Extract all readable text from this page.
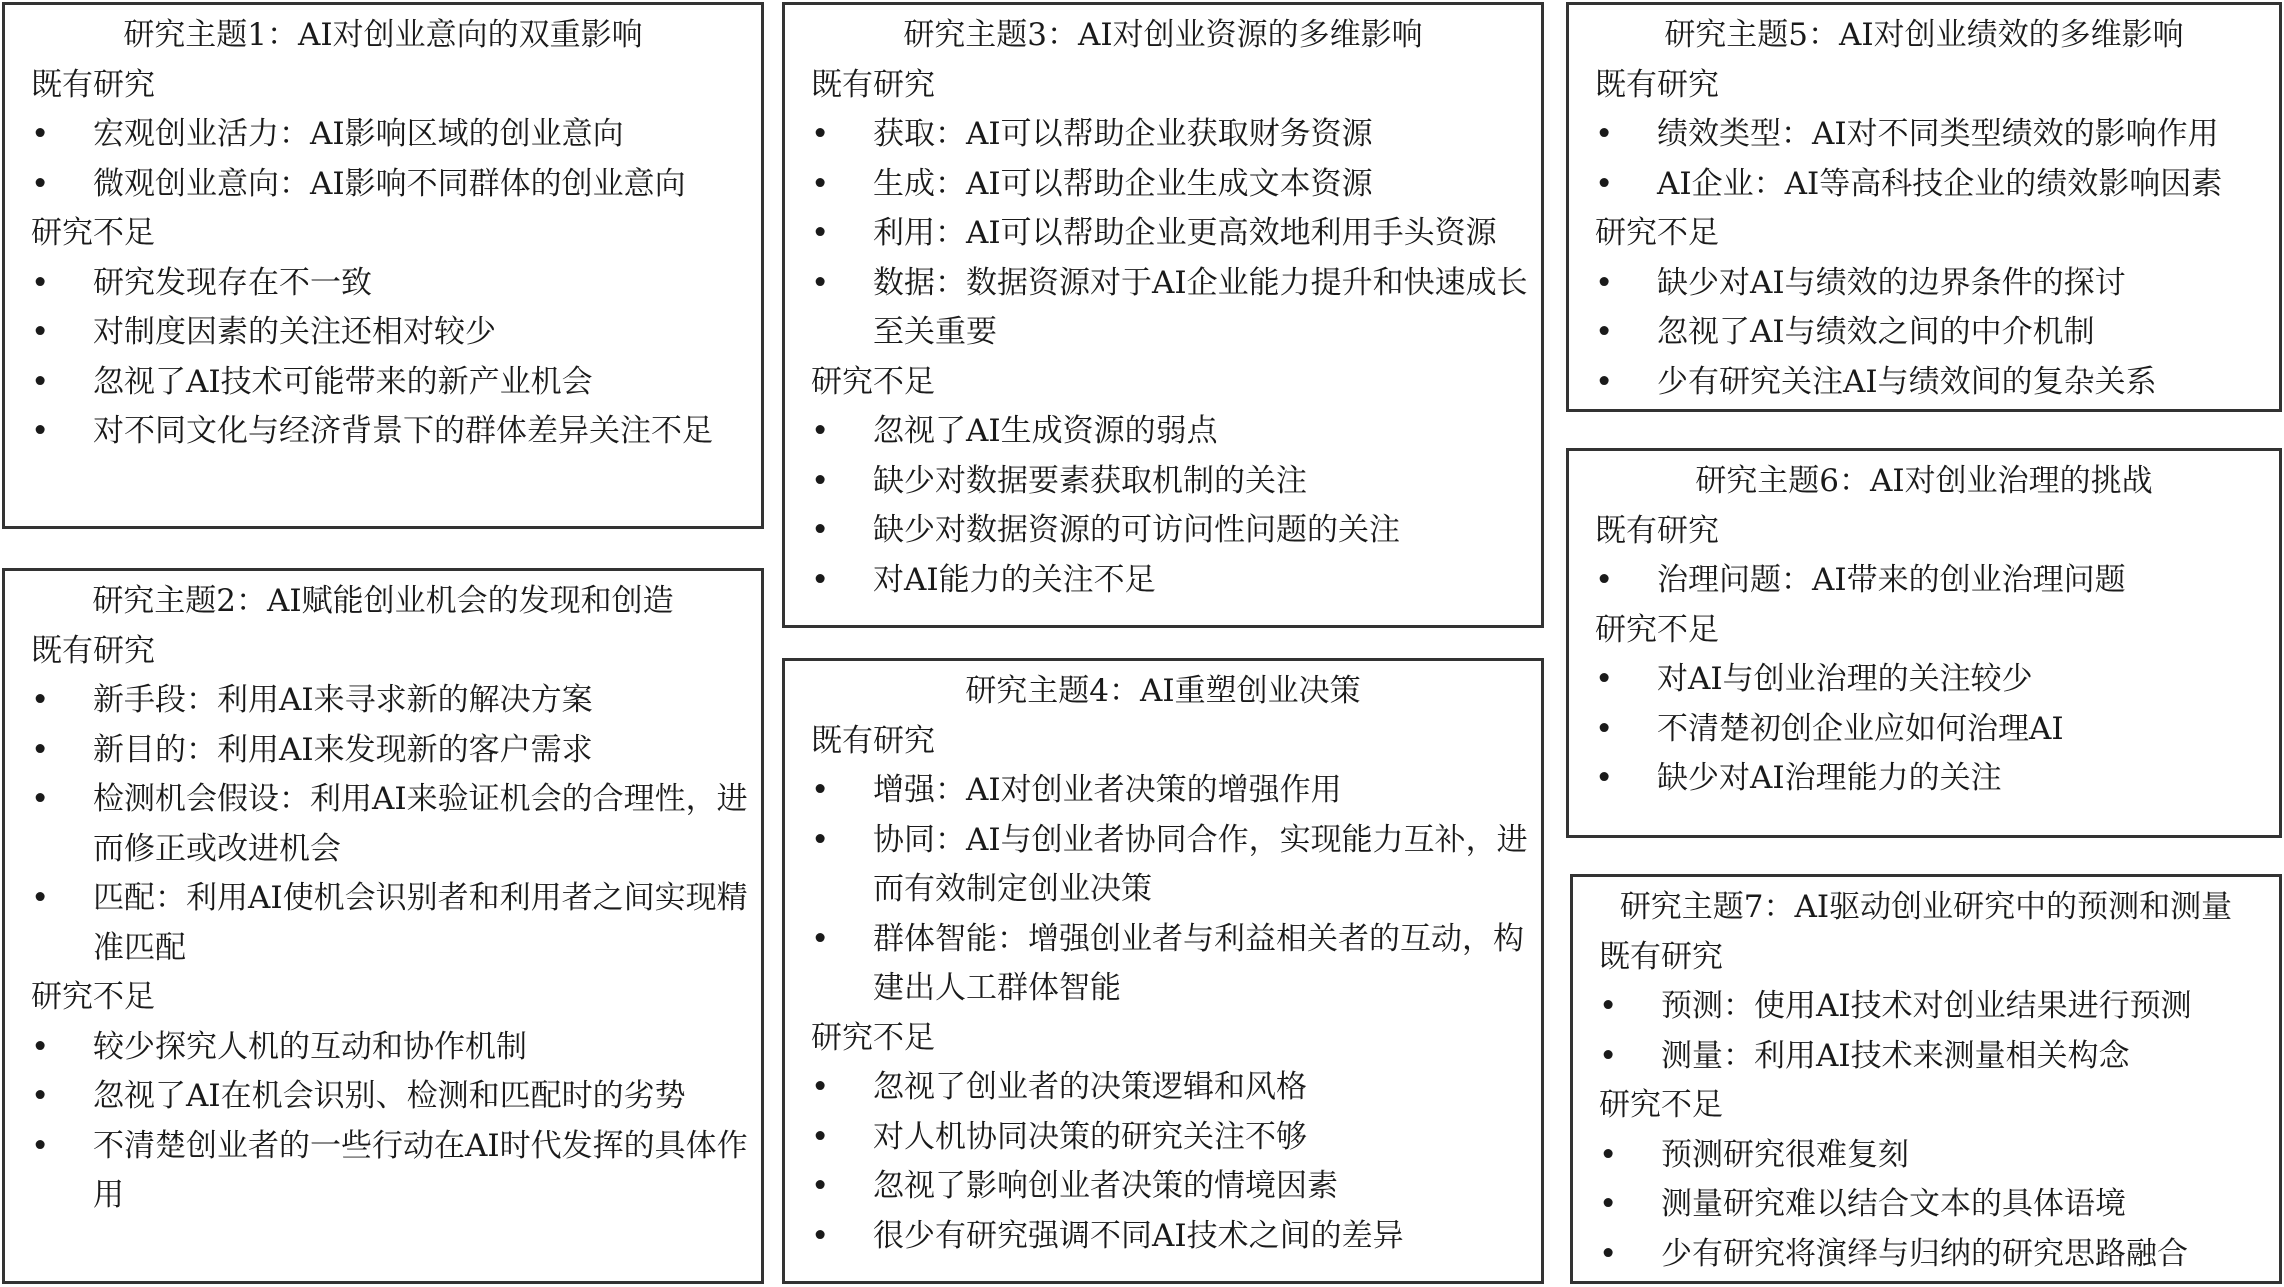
研究主题1：AI对创业意向的双重影响
既有研究
• 宏观创业活力：AI影响区域的创业意向
• 微观创业意向：AI影响不同群体的创业意向
研究不足
• 研究发现存在不一致
• 对制度因素的关注还相对较少
• 忽视了AI技术可能带来的新产业机会
• 对不同文化与经济背景下的群体差异关注不足
研究主题2：AI赋能创业机会的发现和创造
既有研究
• 新手段：利用AI来寻求新的解决方案
• 新目的：利用AI来发现新的客户需求
• 检测机会假设：利用AI来验证机会的合理性，进而修正或改进机会
• 匹配：利用AI使机会识别者和利用者之间实现精准匹配
研究不足
• 较少探究人机的互动和协作机制
• 忽视了AI在机会识别、检测和匹配时的劣势
• 不清楚创业者的一些行动在AI时代发挥的具体作用
研究主题3：AI对创业资源的多维影响
既有研究
• 获取：AI可以帮助企业获取财务资源
• 生成：AI可以帮助企业生成文本资源
• 利用：AI可以帮助企业更高效地利用手头资源
• 数据：数据资源对于AI企业能力提升和快速成长至关重要
研究不足
• 忽视了AI生成资源的弱点
• 缺少对数据要素获取机制的关注
• 缺少对数据资源的可访问性问题的关注
• 对AI能力的关注不足
研究主题4：AI重塑创业决策
既有研究
• 增强：AI对创业者决策的增强作用
• 协同：AI与创业者协同合作，实现能力互补，进而有效制定创业决策
• 群体智能：增强创业者与利益相关者的互动，构建出人工群体智能
研究不足
• 忽视了创业者的决策逻辑和风格
• 对人机协同决策的研究关注不够
• 忽视了影响创业者决策的情境因素
• 很少有研究强调不同AI技术之间的差异
研究主题5：AI对创业绩效的多维影响
既有研究
• 绩效类型：AI对不同类型绩效的影响作用
• AI企业：AI等高科技企业的绩效影响因素
研究不足
• 缺少对AI与绩效的边界条件的探讨
• 忽视了AI与绩效之间的中介机制
• 少有研究关注AI与绩效间的复杂关系
研究主题6：AI对创业治理的挑战
既有研究
• 治理问题：AI带来的创业治理问题
研究不足
• 对AI与创业治理的关注较少
• 不清楚初创企业应如何治理AI
• 缺少对AI治理能力的关注
研究主题7：AI驱动创业研究中的预测和测量
既有研究
• 预测：使用AI技术对创业结果进行预测
• 测量：利用AI技术来测量相关构念
研究不足
• 预测研究很难复刻
• 测量研究难以结合文本的具体语境
• 少有研究将演绎与归纳的研究思路融合
